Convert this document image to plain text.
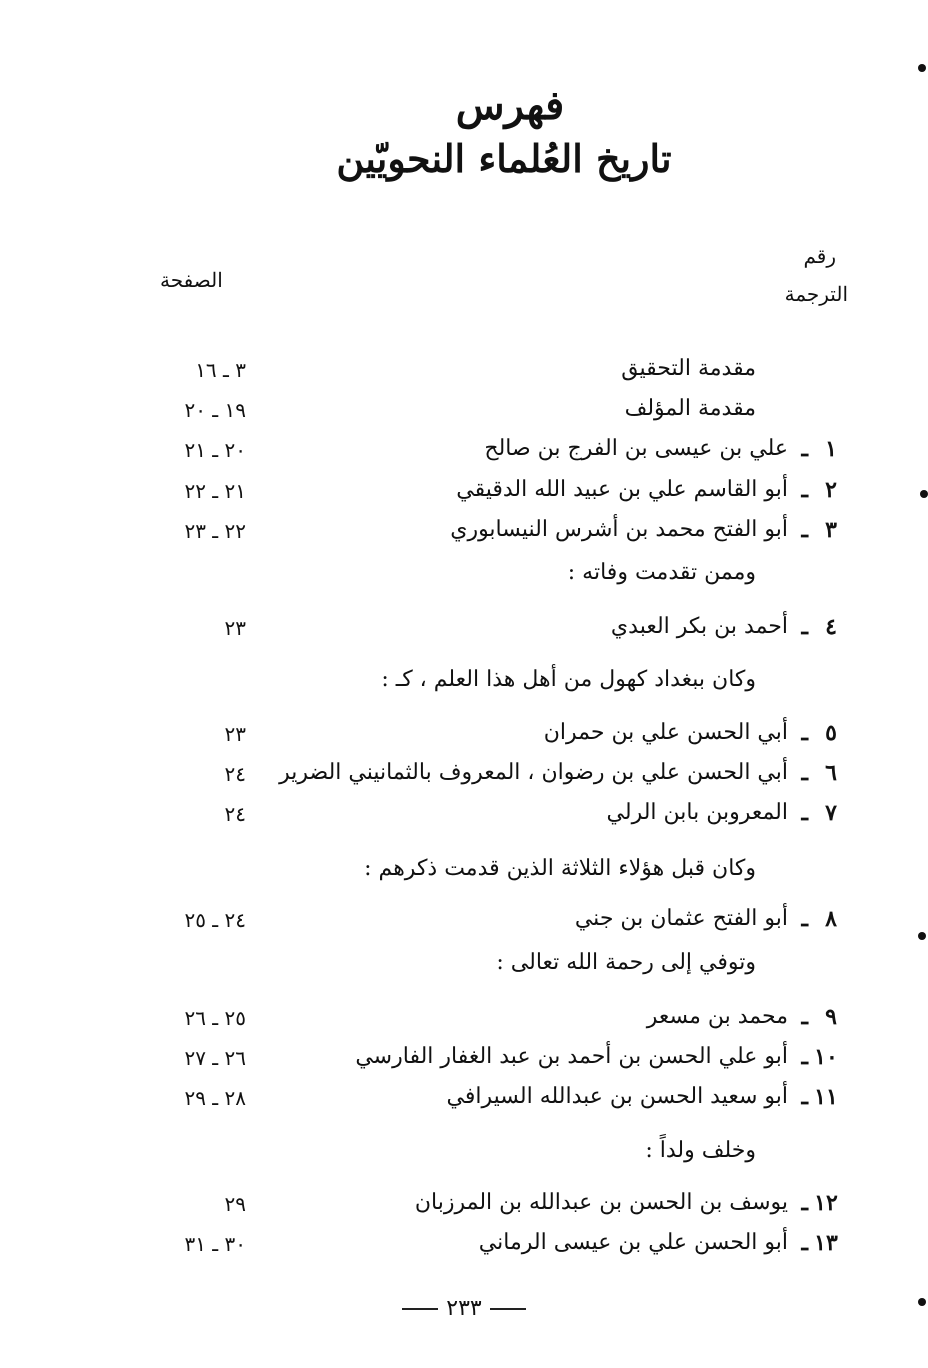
فهرس
تاريخ العُلماء النحويّين
رقم
الترجمة
الصفحة
مقدمة التحقيق
٣ ـ ١٦
مقدمة المؤلف
١٩ ـ ٢٠
١
ـ
علي بن عيسى بن الفرج بن صالح
٢٠ ـ ٢١
٢
ـ
أبو القاسم علي بن عبيد الله الدقيقي
٢١ ـ ٢٢
٣
ـ
أبو الفتح محمد بن أشرس النيسابوري
٢٢ ـ ٢٣
وممن تقدمت وفاته :
٤
ـ
أحمد بن بكر العبدي
٢٣
وكان ببغداد كهول من أهل هذا العلم ، كـ :
٥
ـ
أبي الحسن علي بن حمران
٢٣
٦
ـ
أبي الحسن علي بن رضوان ، المعروف بالثمانيني الضرير
٢٤
٧
ـ
المعروبن بابن الرلي
٢٤
وكان قبل هؤلاء الثلاثة الذين قدمت ذكرهم :
٨
ـ
أبو الفتح عثمان بن جني
٢٤ ـ ٢٥
وتوفي إلى رحمة الله تعالى :
٩
ـ
محمد بن مسعر
٢٥ ـ ٢٦
١٠
ـ
أبو علي الحسن بن أحمد بن عبد الغفار الفارسي
٢٦ ـ ٢٧
١١
ـ
أبو سعيد الحسن بن عبدالله السيرافي
٢٨ ـ ٢٩
وخلف ولداً :
١٢
ـ
يوسف بن الحسن بن عبدالله بن المرزبان
٢٩
١٣
ـ
أبو الحسن علي بن عيسى الرماني
٣٠ ـ ٣١
٢٣٣
